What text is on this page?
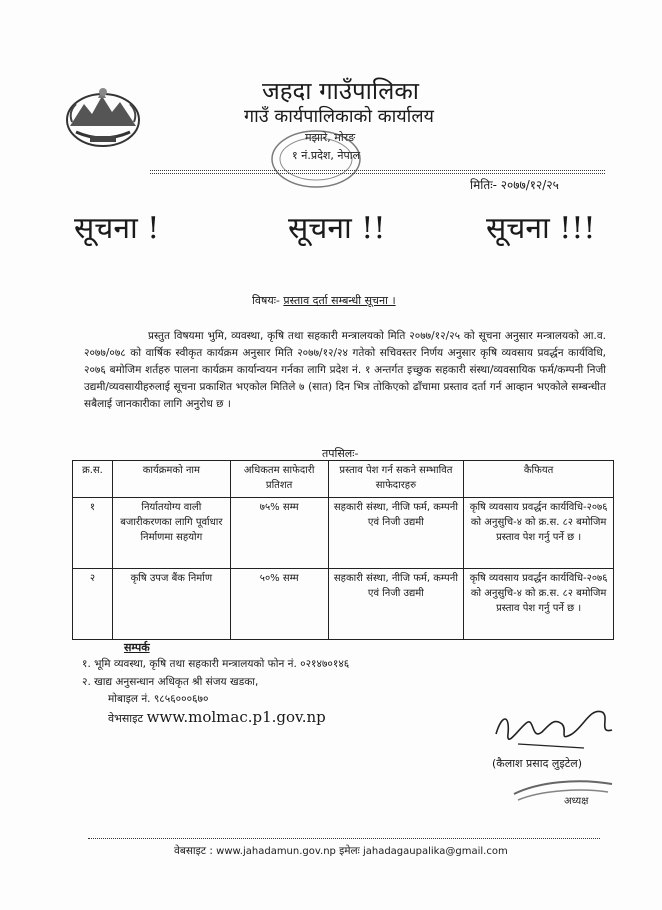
जहदा गाउँपालिका
गाउँ कार्यपालिकाको कार्यालय
मझारे, मोरङ
१ नं.प्रदेश, नेपाल
मितिः- २०७७/१२/२५
सूचना !	सूचना !!	सूचना !!!
विषयः- प्रस्ताव दर्ता सम्बन्धी सूचना ।

प्रस्तुत विषयमा भुमि, व्यवस्था, कृषि तथा सहकारी मन्त्रालयको मिति २०७७/१२/२५ को सूचना अनुसार मन्त्रालयको आ.व. २०७७/०७८ को वार्षिक स्वीकृत कार्यक्रम अनुसार मिति २०७७/१२/२४ गतेको सचिवस्तर निर्णय अनुसार कृषि व्यवसाय प्रवर्द्धन कार्यविधि, २०७६ बमोजिम शर्तहरु पालना कार्यक्रम कार्यान्वयन गर्नका लागि प्रदेश नं. १ अन्तर्गत इच्छुक सहकारी संस्था/व्यवसायिक फर्म/कम्पनी निजी उद्यमी/व्यवसायीहरुलाई सूचना प्रकाशित भएकोल मितिले ७ (सात) दिन भित्र तोकिएको ढाँचामा प्रस्ताव दर्ता गर्न आव्हान भएकोले सम्बन्धीत सबैलाई जानकारीका लागि अनुरोध छ ।

तपसिलः-
क्र.स.	कार्यक्रमको नाम	अधिकतम साफेदारी प्रतिशत	प्रस्ताव पेश गर्न सकने सम्भावित साफेदारहरु	कैफियत
१	निर्यातयोग्य वाली बजारीकरणका लागि पूर्वाधार निर्माणमा सहयोग	७५% सम्म	सहकारी संस्था, नीजि फर्म, कम्पनी एवं निजी उद्यमी	कृषि व्यवसाय प्रवर्द्धन कार्यविधि-२०७६ को अनुसुचि-४ को क्र.स. ८२ बमोजिम प्रस्ताव पेश गर्नु पर्ने छ ।
२	कृषि उपज बैंक निर्माण	५०% सम्म	सहकारी संस्था, नीजि फर्म, कम्पनी एवं निजी उद्यमी	कृषि व्यवसाय प्रवर्द्धन कार्यविधि-२०७६ को अनुसुचि-४ को क्र.स. ८२ बमोजिम प्रस्ताव पेश गर्नु पर्ने छ ।
सम्पर्क
१. भूमि व्यवस्था, कृषि तथा सहकारी मन्त्रालयको फोन नं. ०२१४७०१४६
२. खाद्य अनुसन्धान अधिकृत श्री संजय खडका,
मोबाइल नं. ९८५६०००६७०
वेभसाइट www.molmac.p1.gov.np
(कैलाश प्रसाद लुइटेल)
अध्यक्ष
वेबसाइट : www.jahadamun.gov.np इमेलः jahadagaupalika@gmail.com
